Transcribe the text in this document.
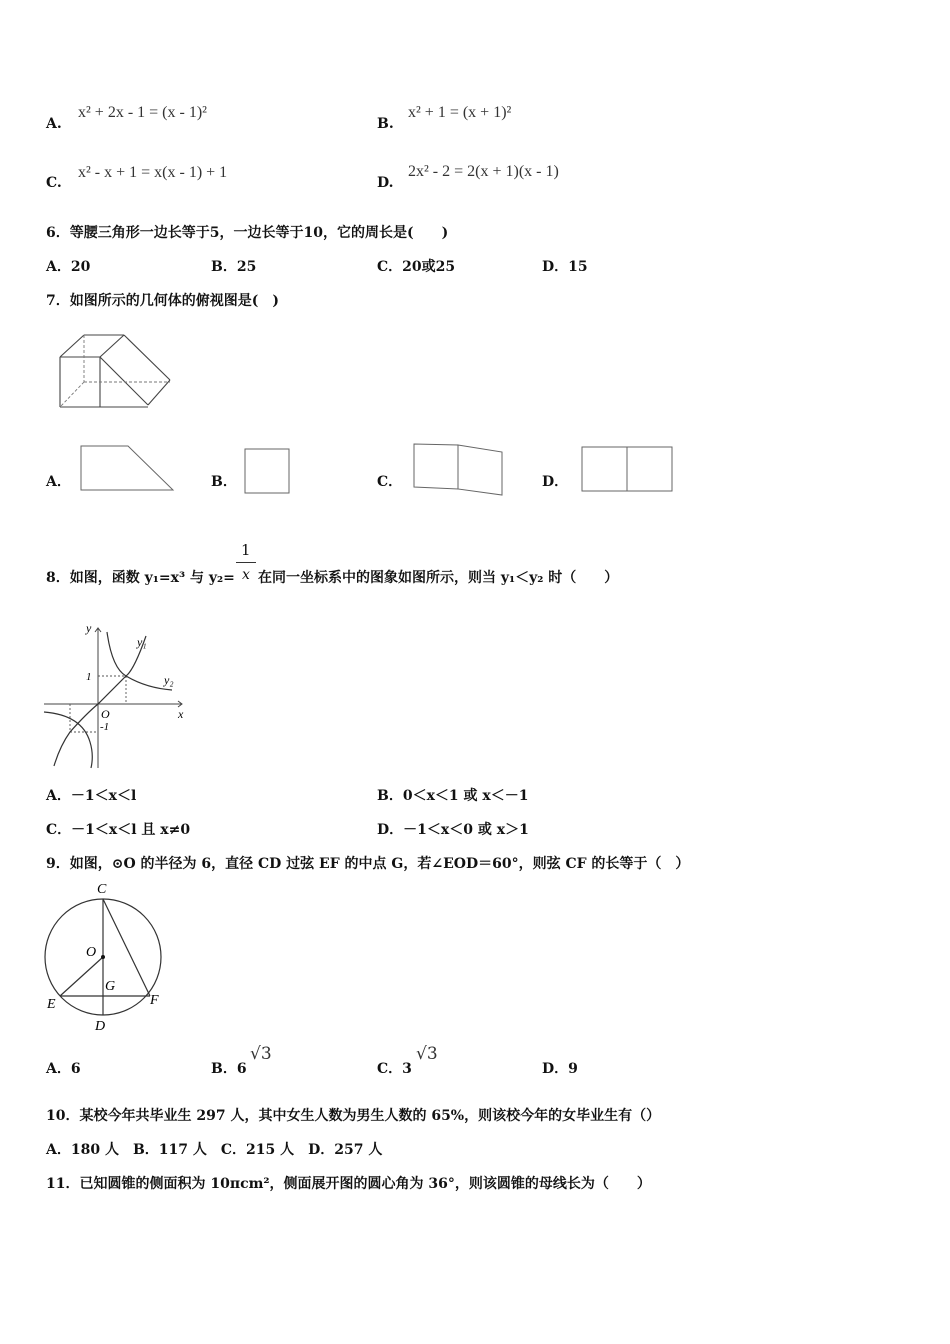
A.
x² + 2x - 1 = (x - 1)²
B.
x² + 1 = (x + 1)²
C.
x² - x + 1 = x(x - 1) + 1
D.
2x² - 2 = 2(x + 1)(x - 1)
6．等腰三角形一边长等于5，一边长等于10，它的周长是(　　)
A．20	B．25	C．20或25	D．15
7．如图所示的几何体的俯视图是(　)
A．	B．	C．	D．
8．如图，函数 y₁=x³ 与 y₂=
1
x 在同一坐标系中的图象如图所示，则当 y₁＜y₂ 时（　　）
y
x
O
1
-1
y₁
y₂
A．－1＜x＜l	B．0＜x＜1 或 x＜－1
C．－1＜x＜l 且 x≠0	D．－1＜x＜0 或 x＞1
9．如图，⊙O 的半径为 6，直径 CD 过弦 EF 的中点 G，若∠EOD＝60°，则弦 CF 的长等于（　）
C
O
G
E	F
D
A．6	B．6
√3
C．3
√3
D．9
10．某校今年共毕业生 297 人，其中女生人数为男生人数的 65%，则该校今年的女毕业生有（）
A．180 人　B．117 人　C．215 人　D．257 人
11．已知圆锥的侧面积为 10πcm²，侧面展开图的圆心角为 36°，则该圆锥的母线长为（　　）
